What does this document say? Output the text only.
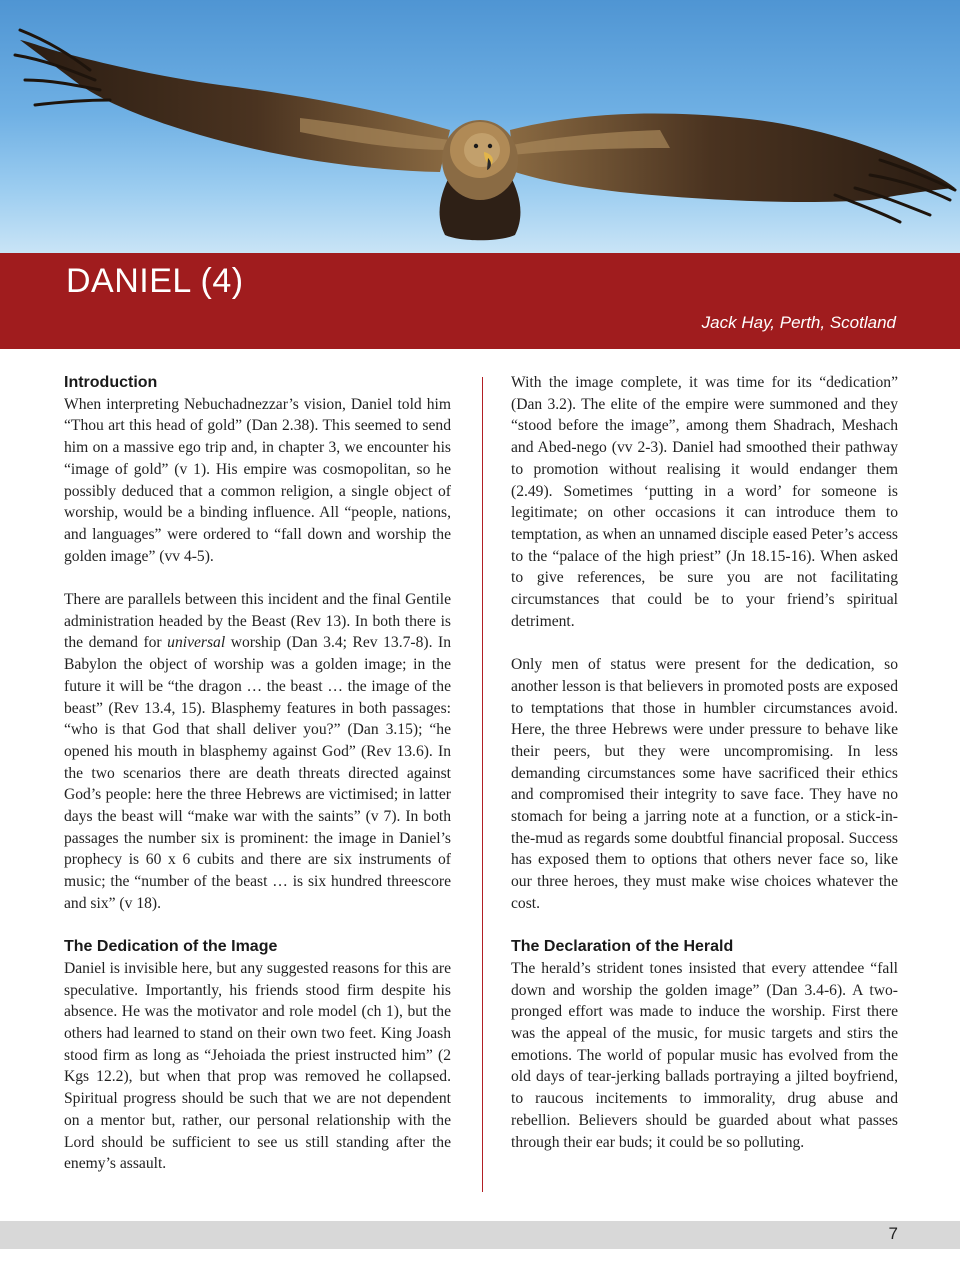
DANIEL (4)
Jack Hay, Perth, Scotland
Introduction

When interpreting Nebuchadnezzar’s vision, Daniel told him “Thou art this head of gold” (Dan 2.38). This seemed to send him on a massive ego trip and, in chapter 3, we encounter his “image of gold” (v 1). His empire was cosmopolitan, so he possibly deduced that a common religion, a single object of worship, would be a binding influence. All “people, nations, and languages” were ordered to “fall down and worship the golden image” (vv 4-5).

There are parallels between this incident and the final Gentile administration headed by the Beast (Rev 13). In both there is the demand for universal worship (Dan 3.4; Rev 13.7-8). In Babylon the object of worship was a golden image; in the future it will be “the dragon … the beast … the image of the beast” (Rev 13.4, 15). Blasphemy features in both passages: “who is that God that shall deliver you?” (Dan 3.15); “he opened his mouth in blasphemy against God” (Rev 13.6). In the two scenarios there are death threats directed against God’s people: here the three Hebrews are victimised; in latter days the beast will “make war with the saints” (v 7). In both passages the number six is prominent: the image in Daniel’s prophecy is 60 x 6 cubits and there are six instruments of music; the “number of the beast … is six hundred threescore and six” (v 18).

The Dedication of the Image

Daniel is invisible here, but any suggested reasons for this are speculative. Importantly, his friends stood firm despite his absence. He was the motivator and role model (ch 1), but the others had learned to stand on their own two feet. King Joash stood firm as long as “Jehoiada the priest instructed him” (2 Kgs 12.2), but when that prop was removed he collapsed. Spiritual progress should be such that we are not dependent on a mentor but, rather, our personal relationship with the Lord should be sufficient to see us still standing after the enemy’s assault.

With the image complete, it was time for its “dedication” (Dan 3.2). The elite of the empire were summoned and they “stood before the image”, among them Shadrach, Meshach and Abed-nego (vv 2-3). Daniel had smoothed their pathway to promotion without realising it would endanger them (2.49). Sometimes ‘putting in a word’ for someone is legitimate; on other occasions it can introduce them to temptation, as when an unnamed disciple eased Peter’s access to the “palace of the high priest” (Jn 18.15-16). When asked to give references, be sure you are not facilitating circumstances that could be to your friend’s spiritual detriment.

Only men of status were present for the dedication, so another lesson is that believers in promoted posts are exposed to temptations that those in humbler circumstances avoid. Here, the three Hebrews were under pressure to behave like their peers, but they were uncompromising. In less demanding circumstances some have sacrificed their ethics and compromised their integrity to save face. They have no stomach for being a jarring note at a function, or a stick-in-the-mud as regards some doubtful financial proposal. Success has exposed them to options that others never face so, like our three heroes, they must make wise choices whatever the cost.

The Declaration of the Herald

The herald’s strident tones insisted that every attendee “fall down and worship the golden image” (Dan 3.4-6). A two-pronged effort was made to induce the worship. First there was the appeal of the music, for music targets and stirs the emotions. The world of popular music has evolved from the old days of tear-jerking ballads portraying a jilted boyfriend, to raucous incitements to immorality, drug abuse and rebellion. Believers should be guarded about what passes through their ear buds; it could be so polluting.

7
